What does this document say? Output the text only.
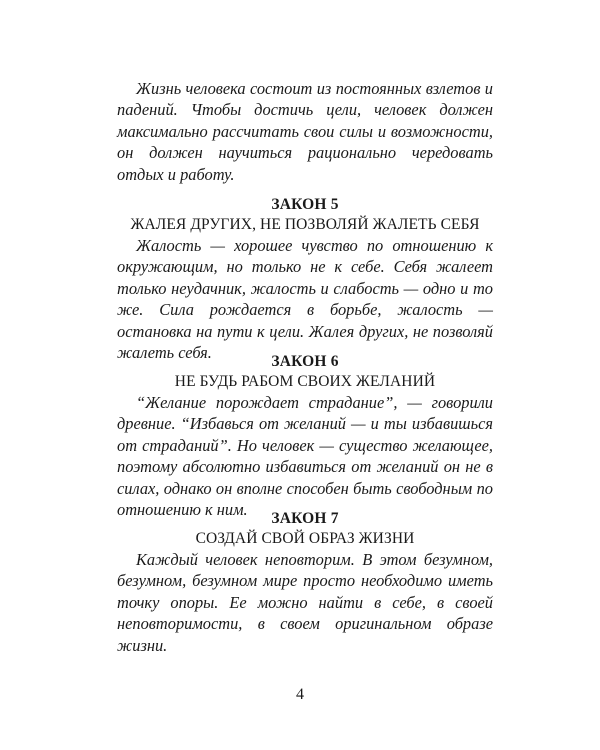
Жизнь человека состоит из постоянных взлетов и падений. Чтобы достичь цели, человек должен максимально рассчитать свои силы и возможности, он должен научиться рационально чередовать отдых и работу.

ЗАКОН 5

ЖАЛЕЯ ДРУГИХ, НЕ ПОЗВОЛЯЙ ЖАЛЕТЬ СЕБЯ

Жалость — хорошее чувство по отношению к окружающим, но только не к себе. Себя жалеет только неудачник, жалость и слабость — одно и то же. Сила рождается в борьбе, жалость — остановка на пути к цели. Жалея других, не позволяй жалеть себя.	ЗАКОН 6

НЕ БУДЬ РАБОМ СВОИХ ЖЕЛАНИЙ

“Желание порождает страдание”, — говорили древние. “Избавься от желаний — и ты избавишься от страданий”. Но человек — существо желающее, поэтому абсолютно избавиться от желаний он не в силах, однако он вполне способен быть свободным по отношению к ним.	ЗАКОН 7

СОЗДАЙ СВОЙ ОБРАЗ ЖИЗНИ

Каждый человек неповторим. В этом безумном, безумном, безумном мире просто необходимо иметь точку опоры. Ее можно найти в себе, в своей неповторимости, в своем оригинальном образе жизни.

4
